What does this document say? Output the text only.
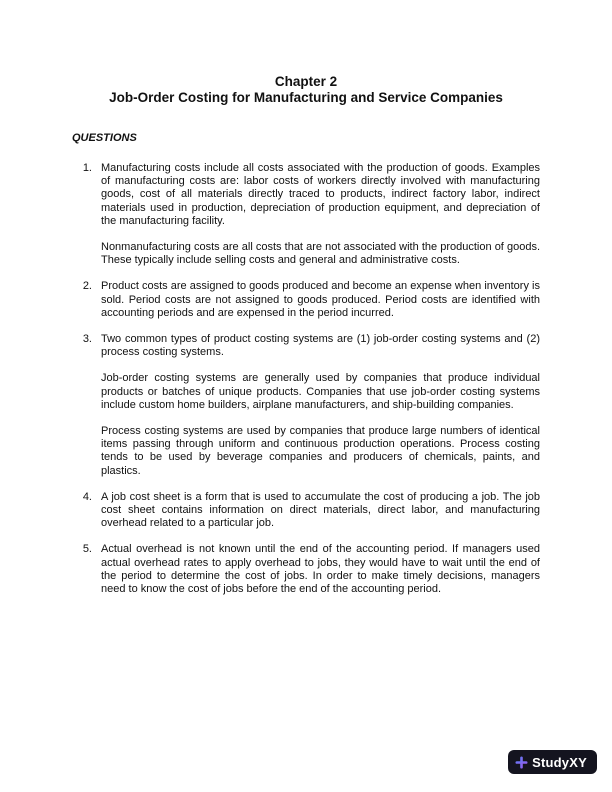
Chapter 2

Job-Order Costing for Manufacturing and Service Companies

QUESTIONS
1. Manufacturing costs include all costs associated with the production of goods. Examples of manufacturing costs are: labor costs of workers directly involved with manufacturing goods, cost of all materials directly traced to products, indirect factory labor, indirect materials used in production, depreciation of production equipment, and depreciation of the manufacturing facility.

Nonmanufacturing costs are all costs that are not associated with the production of goods. These typically include selling costs and general and administrative costs.

2. Product costs are assigned to goods produced and become an expense when inventory is sold. Period costs are not assigned to goods produced. Period costs are identified with accounting periods and are expensed in the period incurred.

3. Two common types of product costing systems are (1) job-order costing systems and (2) process costing systems.

Job-order costing systems are generally used by companies that produce individual products or batches of unique products. Companies that use job-order costing systems include custom home builders, airplane manufacturers, and ship-building companies.

Process costing systems are used by companies that produce large numbers of identical items passing through uniform and continuous production operations. Process costing tends to be used by beverage companies and producers of chemicals, paints, and plastics.

4. A job cost sheet is a form that is used to accumulate the cost of producing a job. The job cost sheet contains information on direct materials, direct labor, and manufacturing overhead related to a particular job.

5. Actual overhead is not known until the end of the accounting period. If managers used actual overhead rates to apply overhead to jobs, they would have to wait until the end of the period to determine the cost of jobs. In order to make timely decisions, managers need to know the cost of jobs before the end of the accounting period.

StudyXY
